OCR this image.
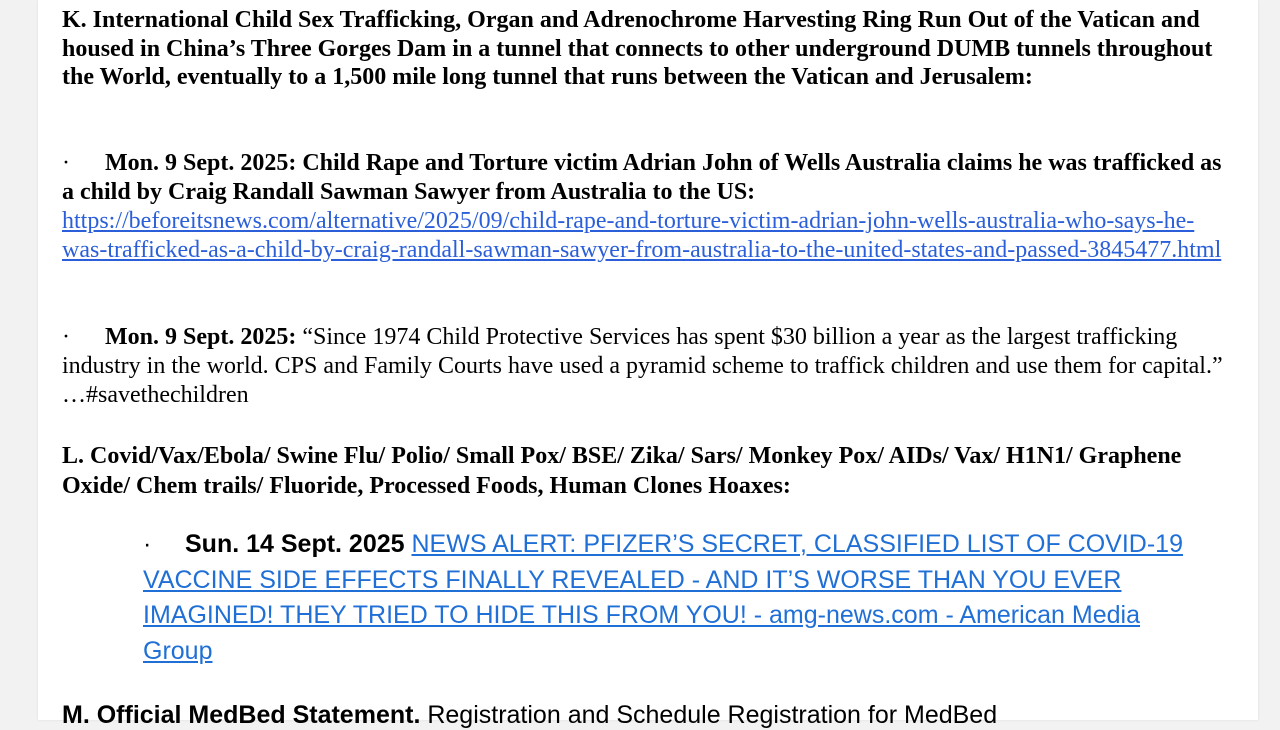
K. International Child Sex Trafficking, Organ and Adrenochrome Harvesting Ring Run Out of the Vatican and housed in China’s Three Gorges Dam in a tunnel that connects to other underground DUMB tunnels throughout the World, eventually to a 1,500 mile long tunnel that runs between the Vatican and Jerusalem:
· Mon. 9 Sept. 2025: Child Rape and Torture victim Adrian John of Wells Australia claims he was trafficked as a child by Craig Randall Sawman Sawyer from Australia to the US: https://beforeitsnews.com/alternative/2025/09/child-rape-and-torture-victim-adrian-john-wells-australia-who-says-he-was-trafficked-as-a-child-by-craig-randall-sawman-sawyer-from-australia-to-the-united-states-and-passed-3845477.html
· Mon. 9 Sept. 2025: “Since 1974 Child Protective Services has spent $30 billion a year as the largest trafficking industry in the world. CPS and Family Courts have used a pyramid scheme to traffick children and use them for capital.” …#savethechildren
L. Covid/Vax/Ebola/ Swine Flu/ Polio/ Small Pox/ BSE/ Zika/ Sars/ Monkey Pox/ AIDs/ Vax/ H1N1/ Graphene Oxide/ Chem trails/ Fluoride, Processed Foods, Human Clones Hoaxes:
· Sun. 14 Sept. 2025 NEWS ALERT: PFIZER’S SECRET, CLASSIFIED LIST OF COVID-19 VACCINE SIDE EFFECTS FINALLY REVEALED - AND IT’S WORSE THAN YOU EVER IMAGINED! THEY TRIED TO HIDE THIS FROM YOU! - amg-news.com - American Media Group
M. Official MedBed Statement. Registration and Schedule Registration for MedBed
